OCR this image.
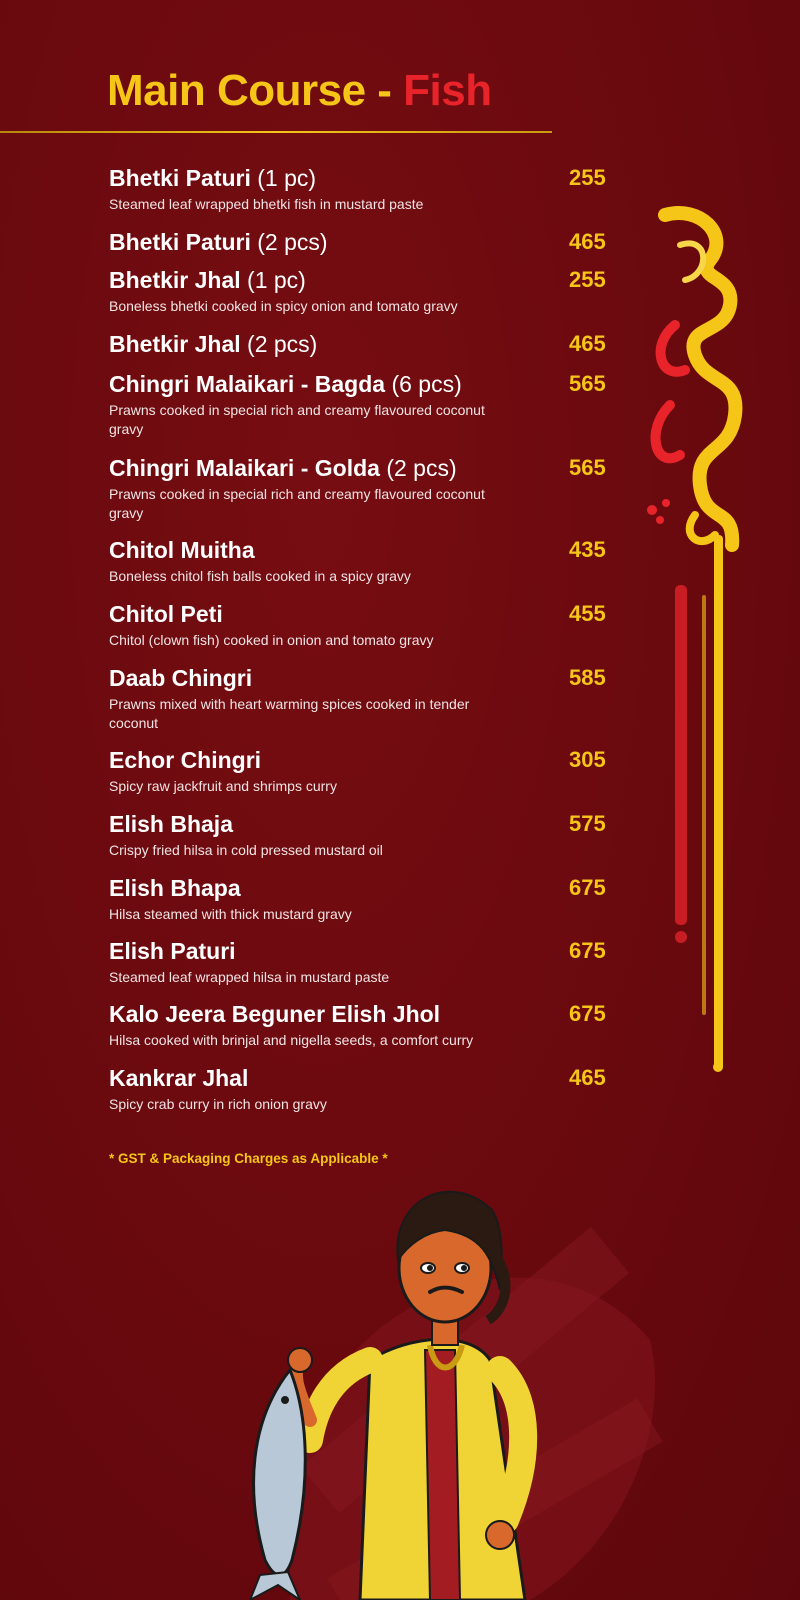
Main Course - Fish
Bhetki Paturi (1 pc)	255
Steamed leaf wrapped bhetki fish in mustard paste
Bhetki Paturi (2 pcs)	465
Bhetkir Jhal (1 pc)	255
Boneless bhetki cooked in spicy onion and tomato gravy
Bhetkir Jhal (2 pcs)	465
Chingri Malaikari - Bagda (6 pcs)	565
Prawns cooked in special rich and creamy flavoured coconut gravy
Chingri Malaikari - Golda (2 pcs)	565
Prawns cooked in special rich and creamy flavoured coconut gravy
Chitol Muitha	435
Boneless chitol fish balls cooked in a spicy gravy
Chitol Peti	455
Chitol (clown fish) cooked in onion and tomato gravy
Daab Chingri	585
Prawns mixed with heart warming spices cooked in tender coconut
Echor Chingri	305
Spicy raw jackfruit and shrimps curry
Elish Bhaja	575
Crispy fried hilsa in cold pressed mustard oil
Elish Bhapa	675
Hilsa steamed with thick mustard gravy
Elish Paturi	675
Steamed leaf wrapped hilsa in mustard paste
Kalo Jeera Beguner Elish Jhol	675
Hilsa cooked with brinjal and nigella seeds, a comfort curry
Kankrar Jhal	465
Spicy crab curry in rich onion gravy
* GST & Packaging Charges as Applicable *
